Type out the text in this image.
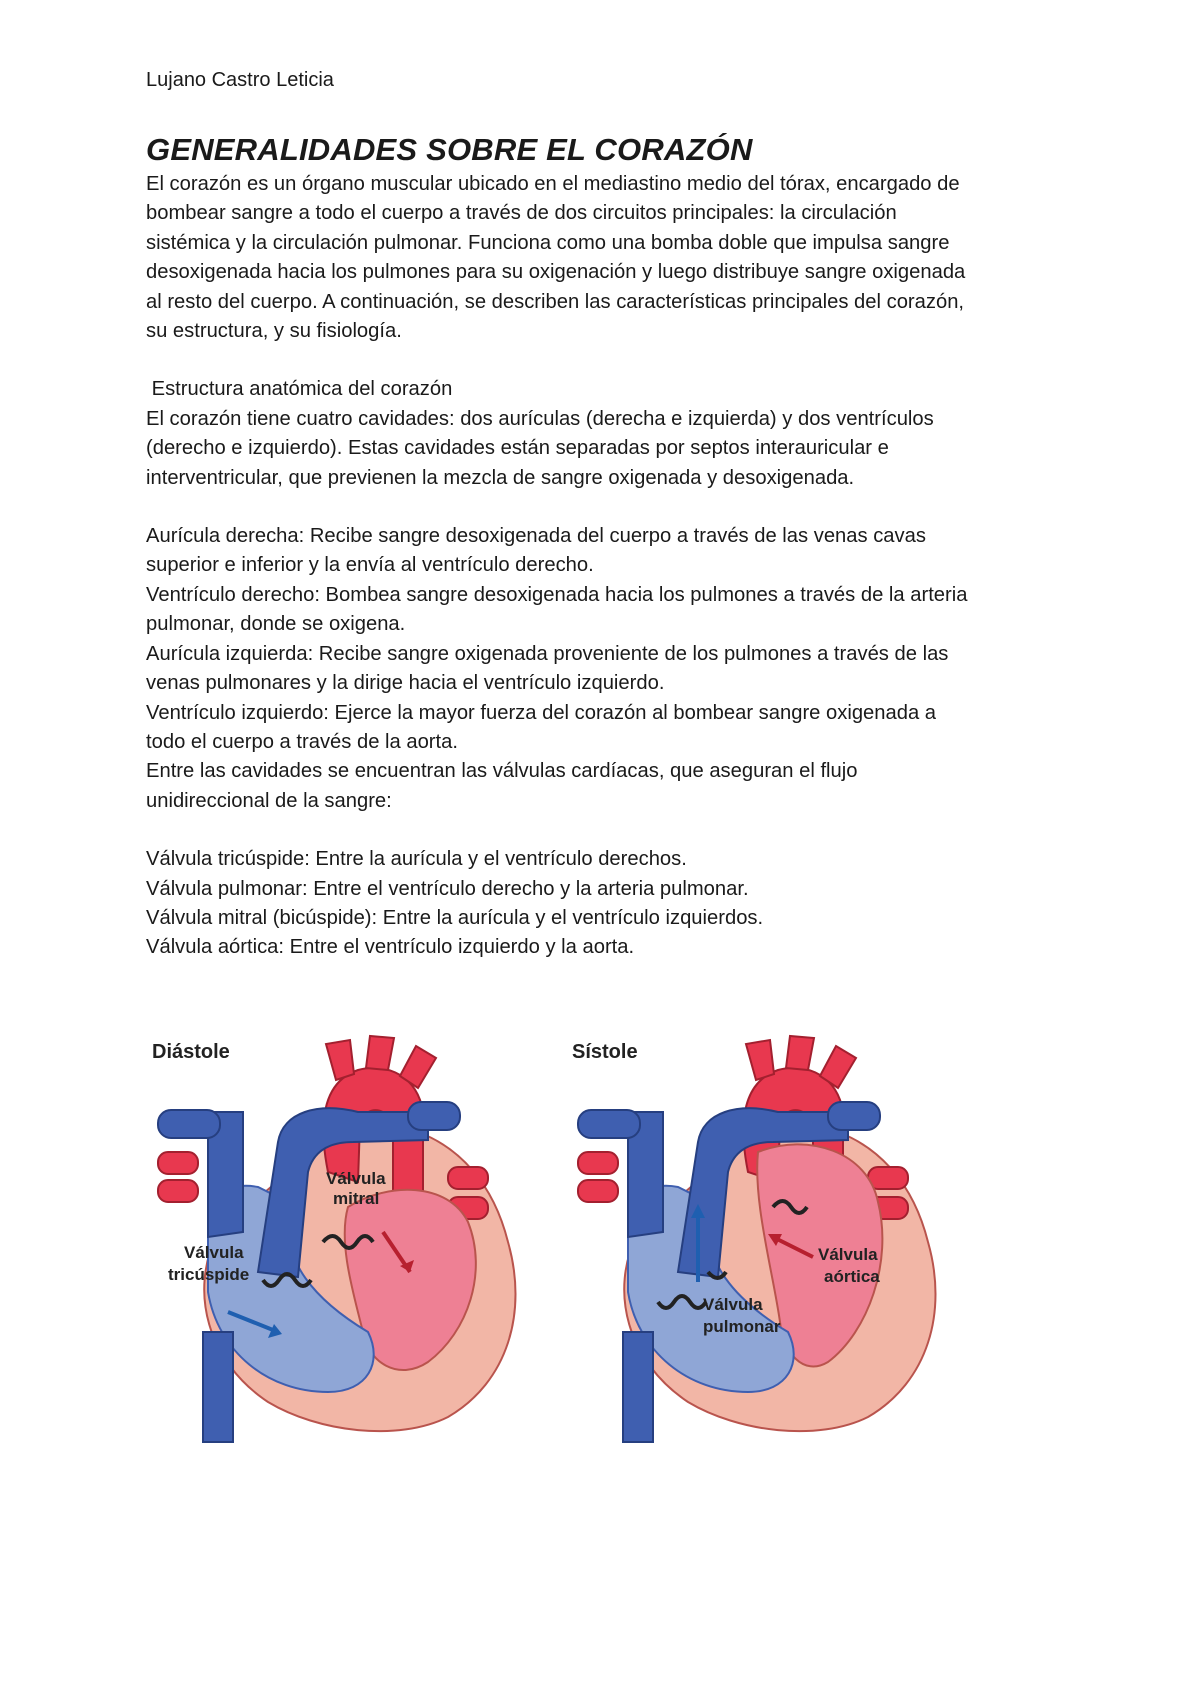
Lujano Castro Leticia
GENERALIDADES SOBRE EL CORAZÓN

El corazón es un órgano muscular ubicado en el mediastino medio del tórax, encargado de

bombear sangre a todo el cuerpo a través de dos circuitos principales: la circulación

sistémica y la circulación pulmonar. Funciona como una bomba doble que impulsa sangre

desoxigenada hacia los pulmones para su oxigenación y luego distribuye sangre oxigenada

al resto del cuerpo. A continuación, se describen las características principales del corazón,

su estructura, y su fisiología.

Estructura anatómica del corazón

El corazón tiene cuatro cavidades: dos aurículas (derecha e izquierda) y dos ventrículos

(derecho e izquierdo). Estas cavidades están separadas por septos interauricular e

interventricular, que previenen la mezcla de sangre oxigenada y desoxigenada.

Aurícula derecha: Recibe sangre desoxigenada del cuerpo a través de las venas cavas

superior e inferior y la envía al ventrículo derecho.

Ventrículo derecho: Bombea sangre desoxigenada hacia los pulmones a través de la arteria

pulmonar, donde se oxigena.

Aurícula izquierda: Recibe sangre oxigenada proveniente de los pulmones a través de las

venas pulmonares y la dirige hacia el ventrículo izquierdo.

Ventrículo izquierdo: Ejerce la mayor fuerza del corazón al bombear sangre oxigenada a

todo el cuerpo a través de la aorta.

Entre las cavidades se encuentran las válvulas cardíacas, que aseguran el flujo

unidireccional de la sangre:

Válvula tricúspide: Entre la aurícula y el ventrículo derechos.

Válvula pulmonar: Entre el ventrículo derecho y la arteria pulmonar.

Válvula mitral (bicúspide): Entre la aurícula y el ventrículo izquierdos.

Válvula aórtica: Entre el ventrículo izquierdo y la aorta.

Diástole
Válvula
mitral
Válvula
tricúspide
Sístole
Válvula
aórtica
Válvula
pulmonar
